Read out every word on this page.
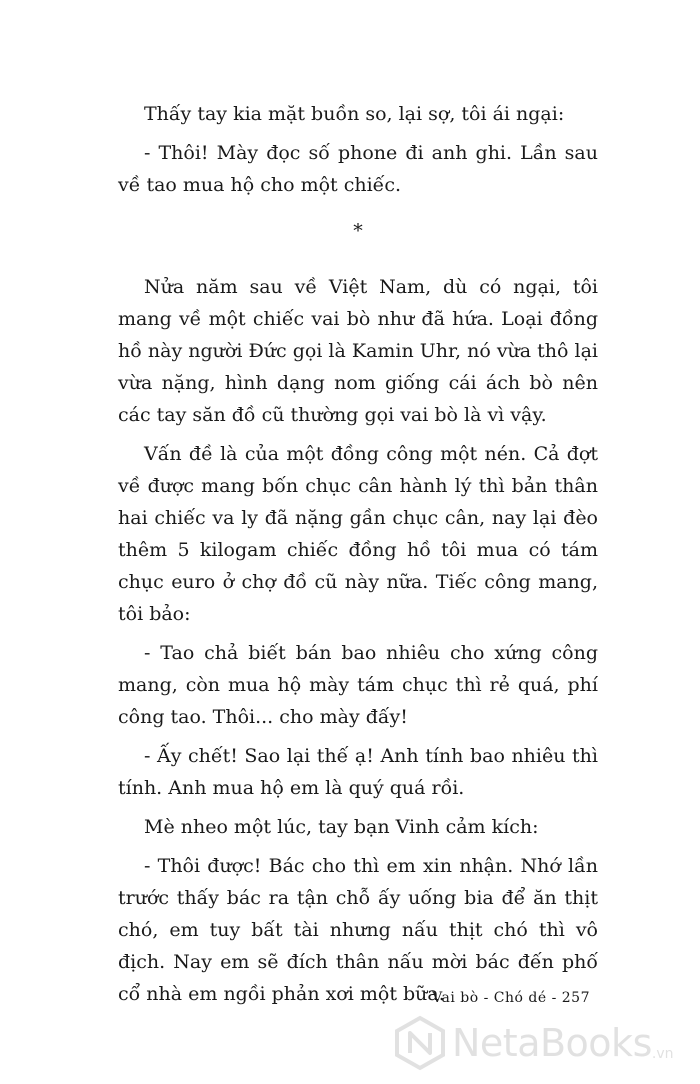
Thấy tay kia mặt buồn so, lại sợ, tôi ái ngại:

- Thôi! Mày đọc số phone đi anh ghi. Lần sau về tao mua hộ cho một chiếc.

*

Nửa năm sau về Việt Nam, dù có ngại, tôi mang về một chiếc vai bò như đã hứa. Loại đồng hồ này người Đức gọi là Kamin Uhr, nó vừa thô lại vừa nặng, hình dạng nom giống cái ách bò nên các tay săn đồ cũ thường gọi vai bò là vì vậy.

Vấn đề là của một đồng công một nén. Cả đợt về được mang bốn chục cân hành lý thì bản thân hai chiếc va ly đã nặng gần chục cân, nay lại đèo thêm 5 kilogam chiếc đồng hồ tôi mua có tám chục euro ở chợ đồ cũ này nữa. Tiếc công mang, tôi bảo:

- Tao chả biết bán bao nhiêu cho xứng công mang, còn mua hộ mày tám chục thì rẻ quá, phí công tao. Thôi... cho mày đấy!

- Ấy chết! Sao lại thế ạ! Anh tính bao nhiêu thì tính. Anh mua hộ em là quý quá rồi.

Mè nheo một lúc, tay bạn Vinh cảm kích:

- Thôi được! Bác cho thì em xin nhận. Nhớ lần trước thấy bác ra tận chỗ ấy uống bia để ăn thịt chó, em tuy bất tài nhưng nấu thịt chó thì vô địch. Nay em sẽ đích thân nấu mời bác đến phố cổ nhà em ngồi phản xơi một bữa.

Vai bò - Chó dé - 257
NetaBooks .vn
